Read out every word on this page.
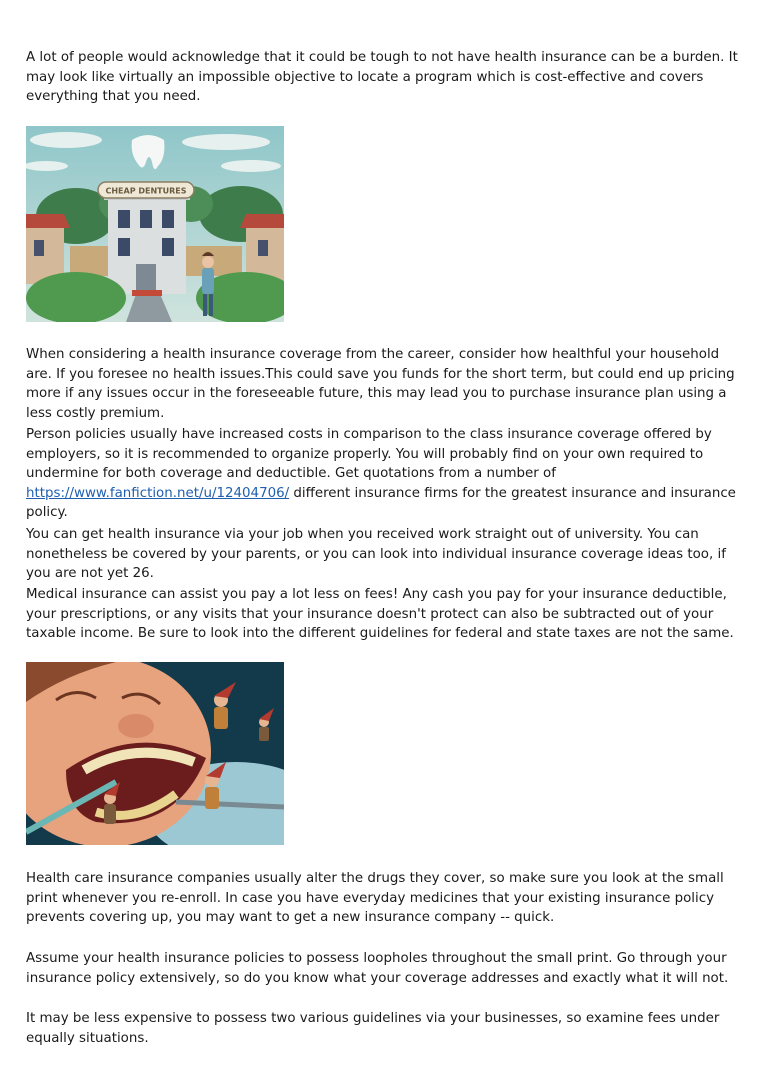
A lot of people would acknowledge that it could be tough to not have health insurance can be a burden. It may look like virtually an impossible objective to locate a program which is cost-effective and covers everything that you need.

CHEAP DENTURES

When considering a health insurance coverage from the career, consider how healthful your household are. If you foresee no health issues.This could save you funds for the short term, but could end up pricing more if any issues occur in the foreseeable future, this may lead you to purchase insurance plan using a less costly premium.

Person policies usually have increased costs in comparison to the class insurance coverage offered by employers, so it is recommended to organize properly. You will probably find on your own required to undermine for both coverage and deductible. Get quotations from a number of https://www.fanfiction.net/u/12404706/ different insurance firms for the greatest insurance and insurance policy.

You can get health insurance via your job when you received work straight out of university. You can nonetheless be covered by your parents, or you can look into individual insurance coverage ideas too, if you are not yet 26.

Medical insurance can assist you pay a lot less on fees! Any cash you pay for your insurance deductible, your prescriptions, or any visits that your insurance doesn't protect can also be subtracted out of your taxable income. Be sure to look into the different guidelines for federal and state taxes are not the same.

Health care insurance companies usually alter the drugs they cover, so make sure you look at the small print whenever you re-enroll. In case you have everyday medicines that your existing insurance policy prevents covering up, you may want to get a new insurance company -- quick.

Assume your health insurance policies to possess loopholes throughout the small print. Go through your insurance policy extensively, so do you know what your coverage addresses and exactly what it will not.

It may be less expensive to possess two various guidelines via your businesses, so examine fees under equally situations.
